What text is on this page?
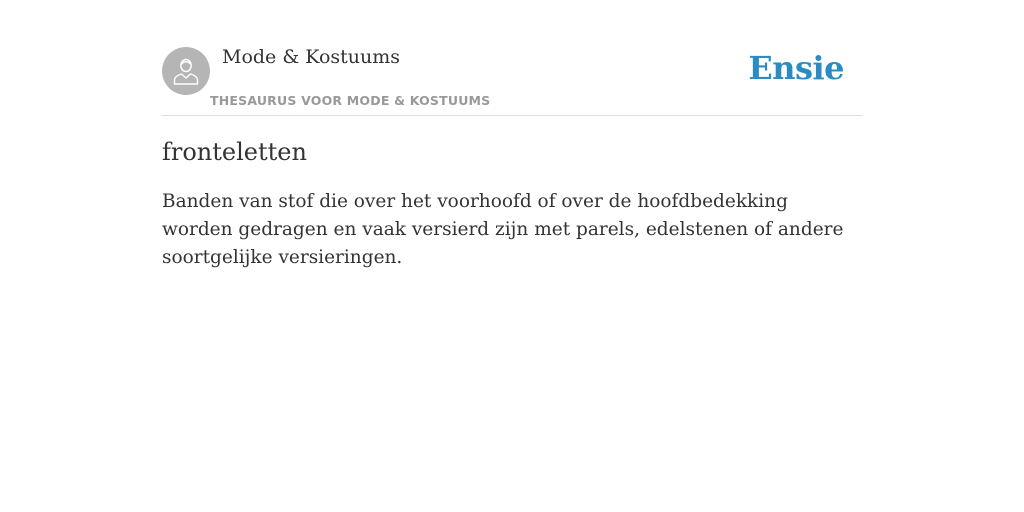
Mode & Kostuums
THESAURUS VOOR MODE & KOSTUUMS
Ensie
fronteletten

Banden van stof die over het voorhoofd of over de hoofdbedekking worden gedragen en vaak versierd zijn met parels, edelstenen of andere soortgelijke versieringen.
